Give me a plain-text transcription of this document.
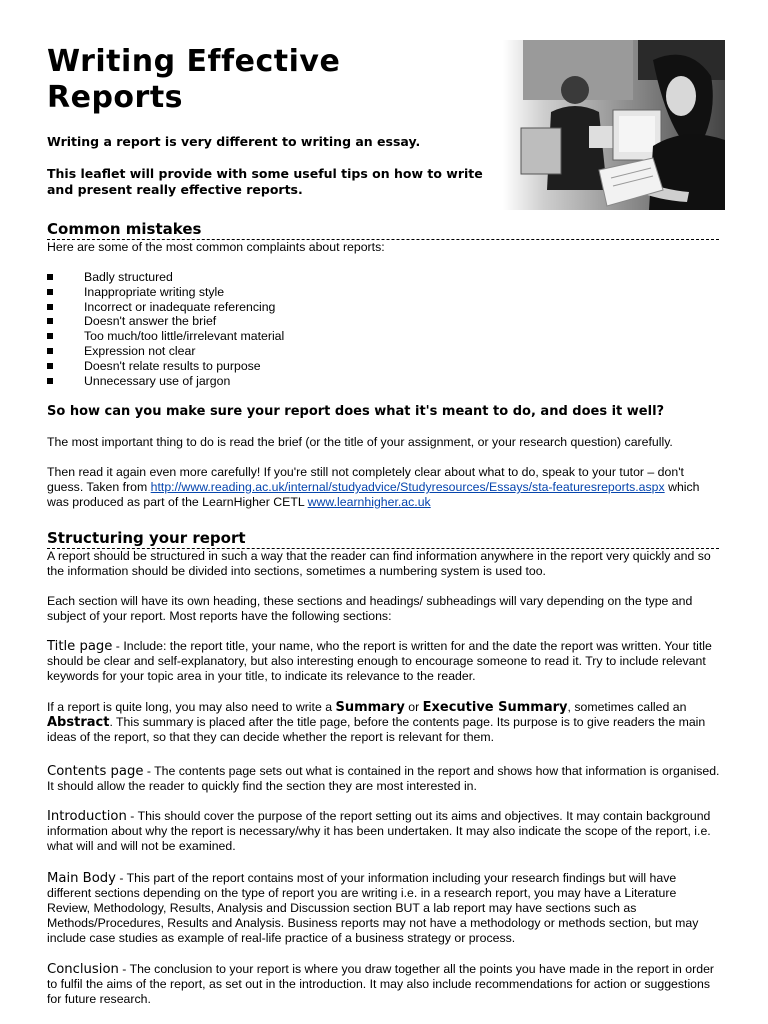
Writing Effective
Reports

Writing a report is very different to writing an essay.

This leaflet will provide with some useful tips on how to write and present really effective reports.

Common mistakes

Here are some of the most common complaints about reports:

Badly structured
Inappropriate writing style
Incorrect or inadequate referencing
Doesn't answer the brief
Too much/too little/irrelevant material
Expression not clear
Doesn't relate results to purpose
Unnecessary use of jargon

So how can you make sure your report does what it's meant to do, and does it well?

The most important thing to do is read the brief (or the title of your assignment, or your research question) carefully.

Then read it again even more carefully! If you're still not completely clear about what to do, speak to your tutor – don't guess. Taken from http://www.reading.ac.uk/internal/studyadvice/Studyresources/Essays/sta-featuresreports.aspx which was produced as part of the LearnHigher CETL www.learnhigher.ac.uk

Structuring your report

A report should be structured in such a way that the reader can find information anywhere in the report very quickly and so the information should be divided into sections, sometimes a numbering system is used too.

Each section will have its own heading, these sections and headings/ subheadings will vary depending on the type and subject of your report. Most reports have the following sections:

Title page - Include: the report title, your name, who the report is written for and the date the report was written. Your title should be clear and self-explanatory, but also interesting enough to encourage someone to read it. Try to include relevant keywords for your topic area in your title, to indicate its relevance to the reader.

If a report is quite long, you may also need to write a Summary or Executive Summary, sometimes called an Abstract. This summary is placed after the title page, before the contents page. Its purpose is to give readers the main ideas of the report, so that they can decide whether the report is relevant for them.

Contents page - The contents page sets out what is contained in the report and shows how that information is organised. It should allow the reader to quickly find the section they are most interested in.

Introduction - This should cover the purpose of the report setting out its aims and objectives. It may contain background information about why the report is necessary/why it has been undertaken. It may also indicate the scope of the report, i.e. what will and will not be examined.

Main Body - This part of the report contains most of your information including your research findings but will have different sections depending on the type of report you are writing i.e. in a research report, you may have a Literature Review, Methodology, Results, Analysis and Discussion section BUT a lab report may have sections such as Methods/Procedures, Results and Analysis. Business reports may not have a methodology or methods section, but may include case studies as example of real-life practice of a business strategy or process.

Conclusion - The conclusion to your report is where you draw together all the points you have made in the report in order to fulfil the aims of the report, as set out in the introduction. It may also include recommendations for action or suggestions for future research.
